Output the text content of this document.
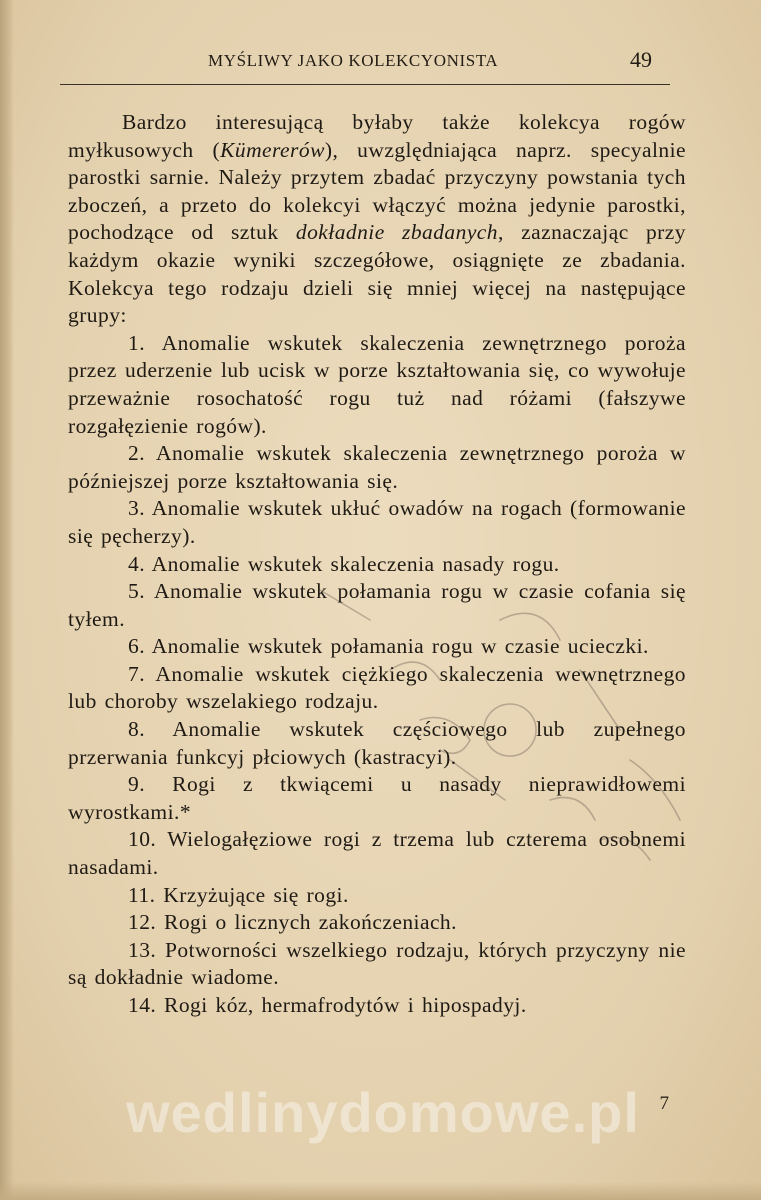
MYŚLIWY JAKO KOLEKCYONISTA	49

Bardzo interesującą byłaby także kolekcya rogów myłkusowych (Kümererów), uwzględniająca naprz. specyalnie parostki sarnie. Należy przytem zbadać przyczyny powstania tych zboczeń, a przeto do kolekcyi włączyć można jedynie parostki, pochodzące od sztuk dokładnie zbadanych, zaznaczając przy każdym okazie wyniki szczegółowe, osiągnięte ze zbadania. Kolekcya tego rodzaju dzieli się mniej więcej na następujące grupy:

1. Anomalie wskutek skaleczenia zewnętrznego poroża przez uderzenie lub ucisk w porze kształtowania się, co wywołuje przeważnie rosochatość rogu tuż nad różami (fałszywe rozgałęzienie rogów).

2. Anomalie wskutek skaleczenia zewnętrznego poroża w późniejszej porze kształtowania się.

3. Anomalie wskutek ukłuć owadów na rogach (formowanie się pęcherzy).

4. Anomalie wskutek skaleczenia nasady rogu.

5. Anomalie wskutek połamania rogu w czasie cofania się tyłem.

6. Anomalie wskutek połamania rogu w czasie ucieczki.

7. Anomalie wskutek ciężkiego skaleczenia wewnętrznego lub choroby wszelakiego rodzaju.

8. Anomalie wskutek częściowego lub zupełnego przerwania funkcyj płciowych (kastracyi).

9. Rogi z tkwiącemi u nasady nieprawidłowemi wyrostkami.*

10. Wielogałęziowe rogi z trzema lub czterema osobnemi nasadami.

11. Krzyżujące się rogi.

12. Rogi o licznych zakończeniach.

13. Potworności wszelkiego rodzaju, których przyczyny nie są dokładnie wiadome.

14. Rogi kóz, hermafrodytów i hipospadyj.

wedlinydomowe.pl	7
